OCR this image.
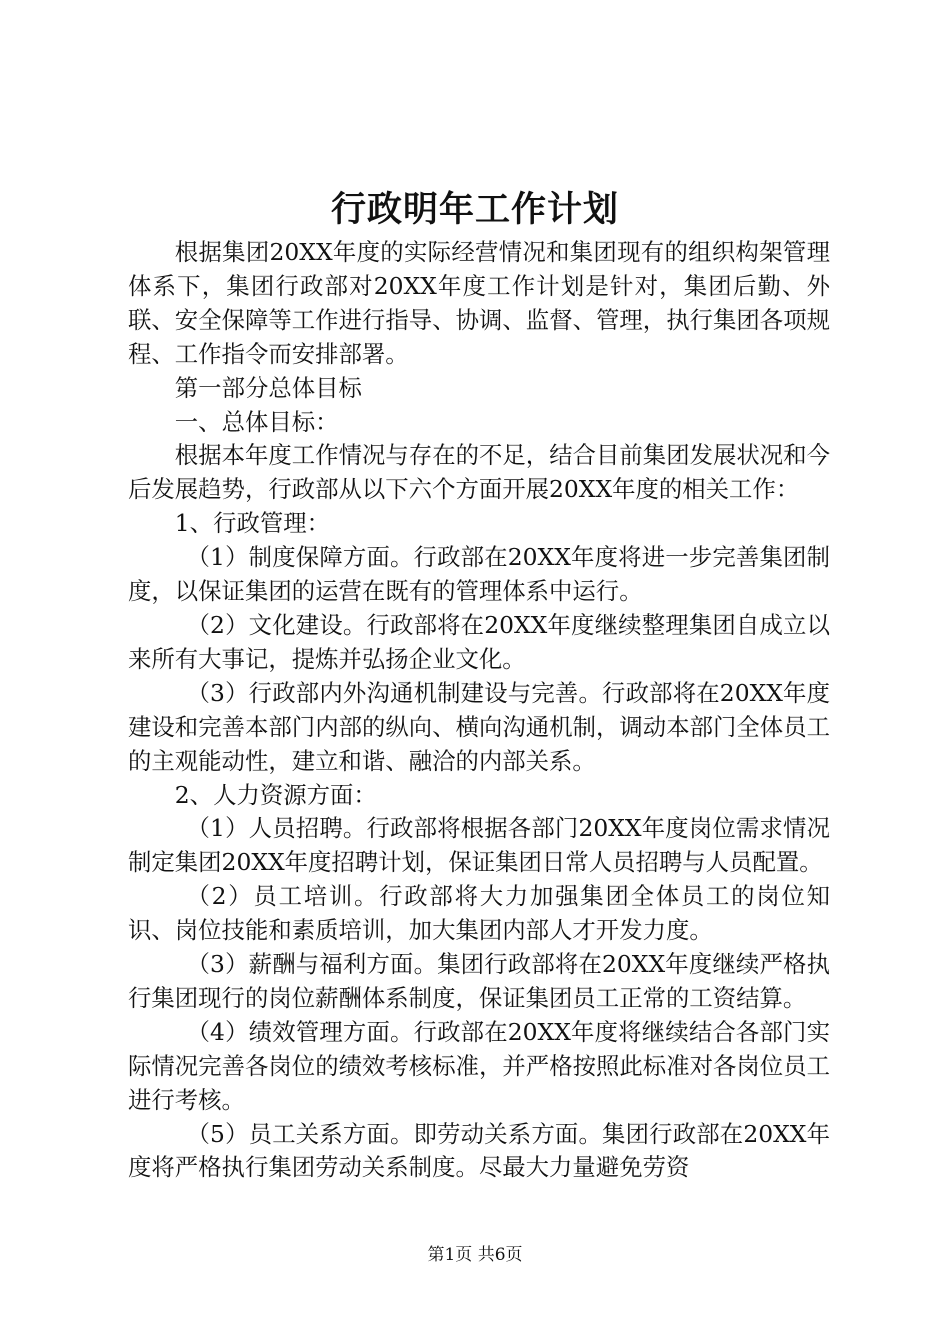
行政明年工作计划

根据集团20XX年度的实际经营情况和集团现有的组织构架管理体系下，集团行政部对20XX年度工作计划是针对，集团后勤、外联、安全保障等工作进行指导、协调、监督、管理，执行集团各项规程、工作指令而安排部署。

第一部分总体目标

一、总体目标：

根据本年度工作情况与存在的不足，结合目前集团发展状况和今后发展趋势，行政部从以下六个方面开展20XX年度的相关工作：

1、行政管理：

（1）制度保障方面。行政部在20XX年度将进一步完善集团制度，以保证集团的运营在既有的管理体系中运行。

（2）文化建设。行政部将在20XX年度继续整理集团自成立以来所有大事记，提炼并弘扬企业文化。

（3）行政部内外沟通机制建设与完善。行政部将在20XX年度建设和完善本部门内部的纵向、横向沟通机制，调动本部门全体员工的主观能动性，建立和谐、融洽的内部关系。

2、人力资源方面：

（1）人员招聘。行政部将根据各部门20XX年度岗位需求情况制定集团20XX年度招聘计划，保证集团日常人员招聘与人员配置。

（2）员工培训。行政部将大力加强集团全体员工的岗位知识、岗位技能和素质培训，加大集团内部人才开发力度。

（3）薪酬与福利方面。集团行政部将在20XX年度继续严格执行集团现行的岗位薪酬体系制度，保证集团员工正常的工资结算。

（4）绩效管理方面。行政部在20XX年度将继续结合各部门实际情况完善各岗位的绩效考核标准，并严格按照此标准对各岗位员工进行考核。

（5）员工关系方面。即劳动关系方面。集团行政部在20XX年度将严格执行集团劳动关系制度。尽最大力量避免劳资

第1页 共6页
